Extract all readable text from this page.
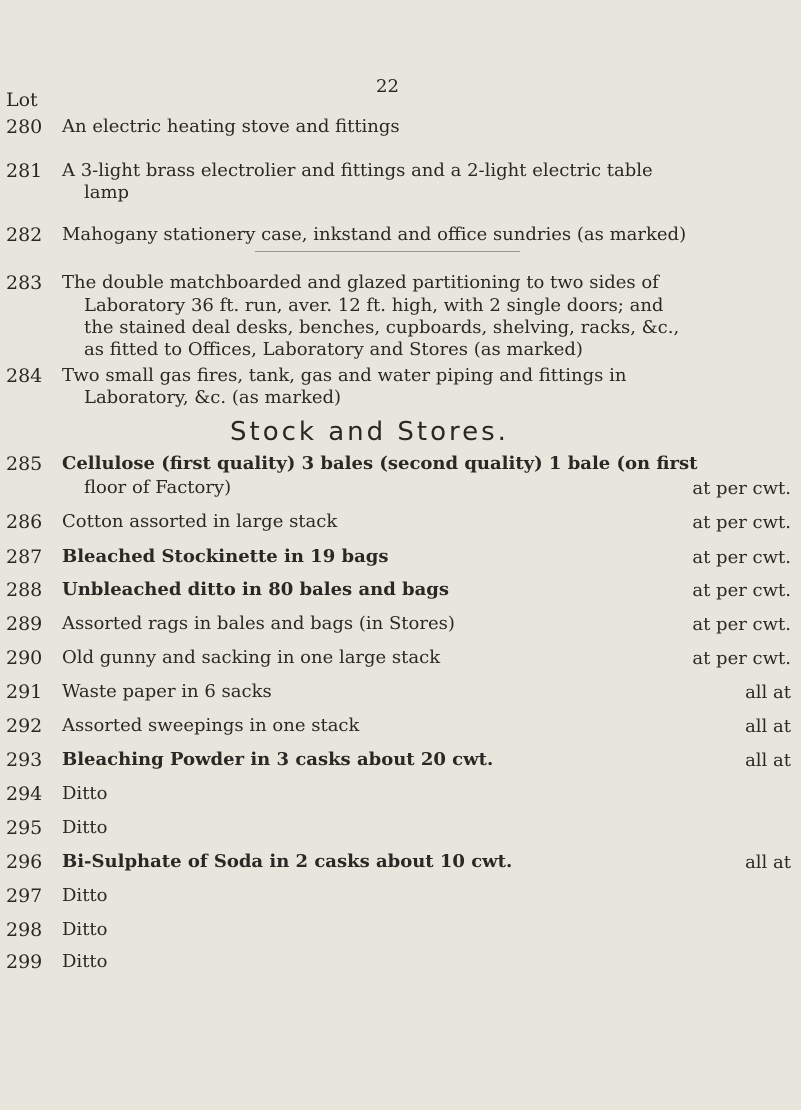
22
Lot
280	An electric heating stove and fittings
281	A 3-light brass electrolier and fittings and a 2-light electric table
lamp
282	Mahogany stationery case, inkstand and office sundries (as marked)
283	The double matchboarded and glazed partitioning to two sides of
Laboratory 36 ft. run, aver. 12 ft. high, with 2 single doors; and
the stained deal desks, benches, cupboards, shelving, racks, &c.,
as fitted to Offices, Laboratory and Stores (as marked)
284	Two small gas fires, tank, gas and water piping and fittings in
Laboratory, &c. (as marked)
Stock and Stores.
285	Cellulose (first quality) 3 bales (second quality) 1 bale (on first
floor of Factory)	at per cwt.
286	Cotton assorted in large stack	at per cwt.
287	Bleached Stockinette in 19 bags	at per cwt.
288	Unbleached ditto in 80 bales and bags	at per cwt.
289	Assorted rags in bales and bags (in Stores)	at per cwt.
290	Old gunny and sacking in one large stack	at per cwt.
291	Waste paper in 6 sacks	all at
292	Assorted sweepings in one stack	all at
293	Bleaching Powder in 3 casks about 20 cwt.	all at
294	Ditto
295	Ditto
296	Bi-Sulphate of Soda in 2 casks about 10 cwt.	all at
297	Ditto
298	Ditto
299	Ditto
